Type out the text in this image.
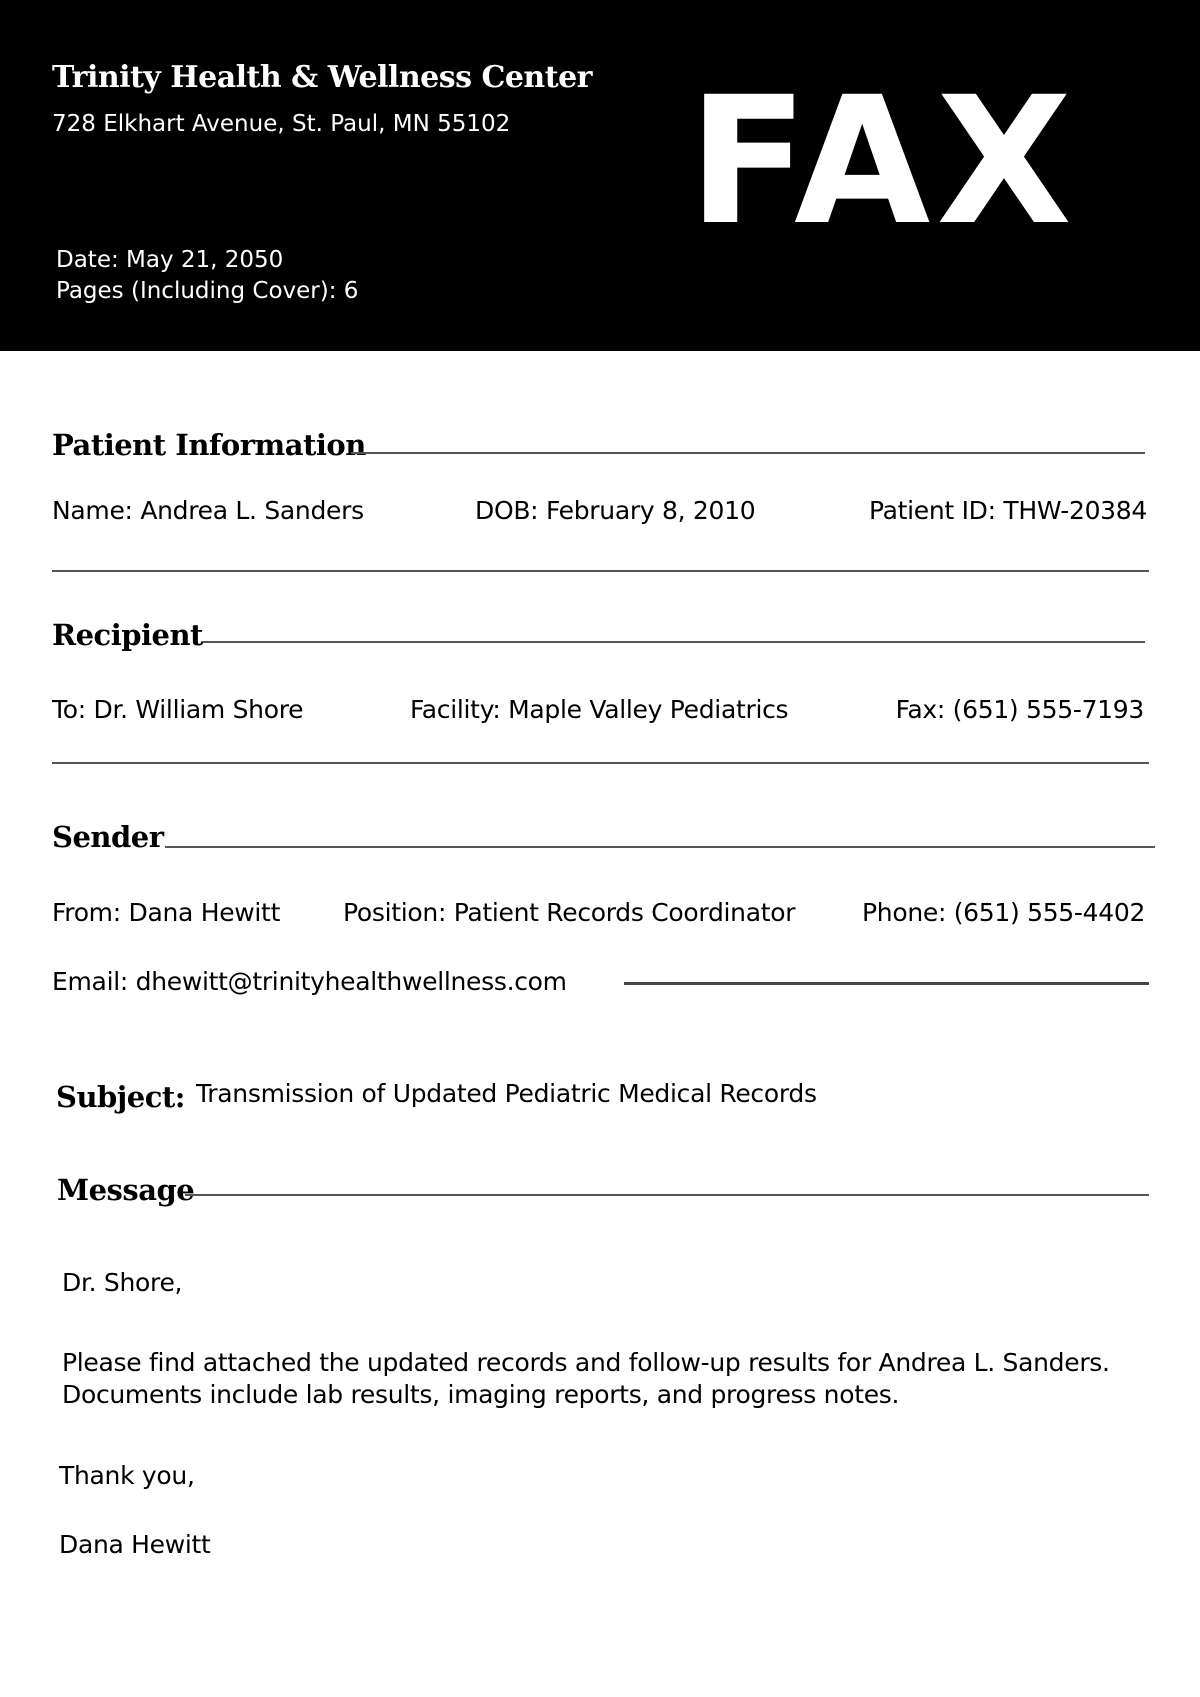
Trinity Health & Wellness Center
728 Elkhart Avenue, St. Paul, MN 55102 FAX
Date: May 21, 2050
Pages (Including Cover): 6
Patient Information
Name: Andrea L. Sanders	DOB: February 8, 2010	Patient ID: THW-20384
Recipient
To: Dr. William Shore	Facility: Maple Valley Pediatrics	Fax: (651) 555-7193
Sender
From: Dana Hewitt	Position: Patient Records Coordinator	Phone: (651) 555-4402
Email: dhewitt@trinityhealthwellness.com
Subject: Transmission of Updated Pediatric Medical Records
Message
Dr. Shore,
Please find attached the updated records and follow-up results for Andrea L. Sanders. Documents include lab results, imaging reports, and progress notes.
Thank you,
Dana Hewitt
